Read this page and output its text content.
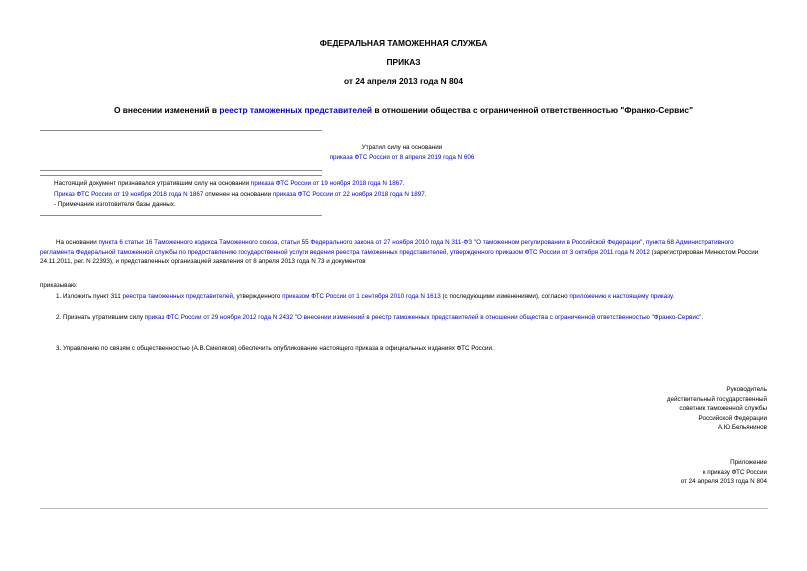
ФЕДЕРАЛЬНАЯ ТАМОЖЕННАЯ СЛУЖБА
ПРИКАЗ
от 24 апреля 2013 года N 804
О внесении изменений в реестр таможенных представителей в отношении общества с ограниченной ответственностью "Франко-Сервис"
Утратил силу на основании
приказа ФТС России от 8 апреля 2019 года N 606
Настоящий документ признавался утратившим силу на основании приказа ФТС России от 19 ноября 2018 года N 1867.
Приказ ФТС России от 19 ноября 2018 года N 1867 отменен на основании приказа ФТС России от 22 ноября 2018 года N 1897.
- Примечание изготовителя базы данных.
На основании пункта 6 статьи 16 Таможенного кодекса Таможенного союза, статьи 55 Федерального закона от 27 ноября 2010 года N 311-ФЗ "О таможенном регулировании в Российской Федерации", пункта 68 Административного регламента Федеральной таможенной службы по предоставлению государственной услуги ведения реестра таможенных представителей, утвержденного приказом ФТС России от 3 октября 2011 года N 2012 (зарегистрирован Минюстом России 24.11.2011, рег. N 22393), и представленных организацией заявления от 8 апреля 2013 года N 73 и документов
приказываю:
1. Изложить пункт 311 реестра таможенных представителей, утвержденного приказом ФТС России от 1 сентября 2010 года N 1613 (с последующими изменениями), согласно приложению к настоящему приказу.
2. Признать утратившим силу приказ ФТС России от 29 ноября 2012 года N 2432 "О внесении изменений в реестр таможенных представителей в отношении общества с ограниченной ответственностью "Франко-Сервис".
3. Управлению по связям с общественностью (А.В.Смеляков) обеспечить опубликование настоящего приказа в официальных изданиях ФТС России.
Руководитель
действительный государственный
советник таможенной службы
Российской Федерации
А.Ю.Бельянинов
Приложение
к приказу ФТС России
от 24 апреля 2013 года N 804
